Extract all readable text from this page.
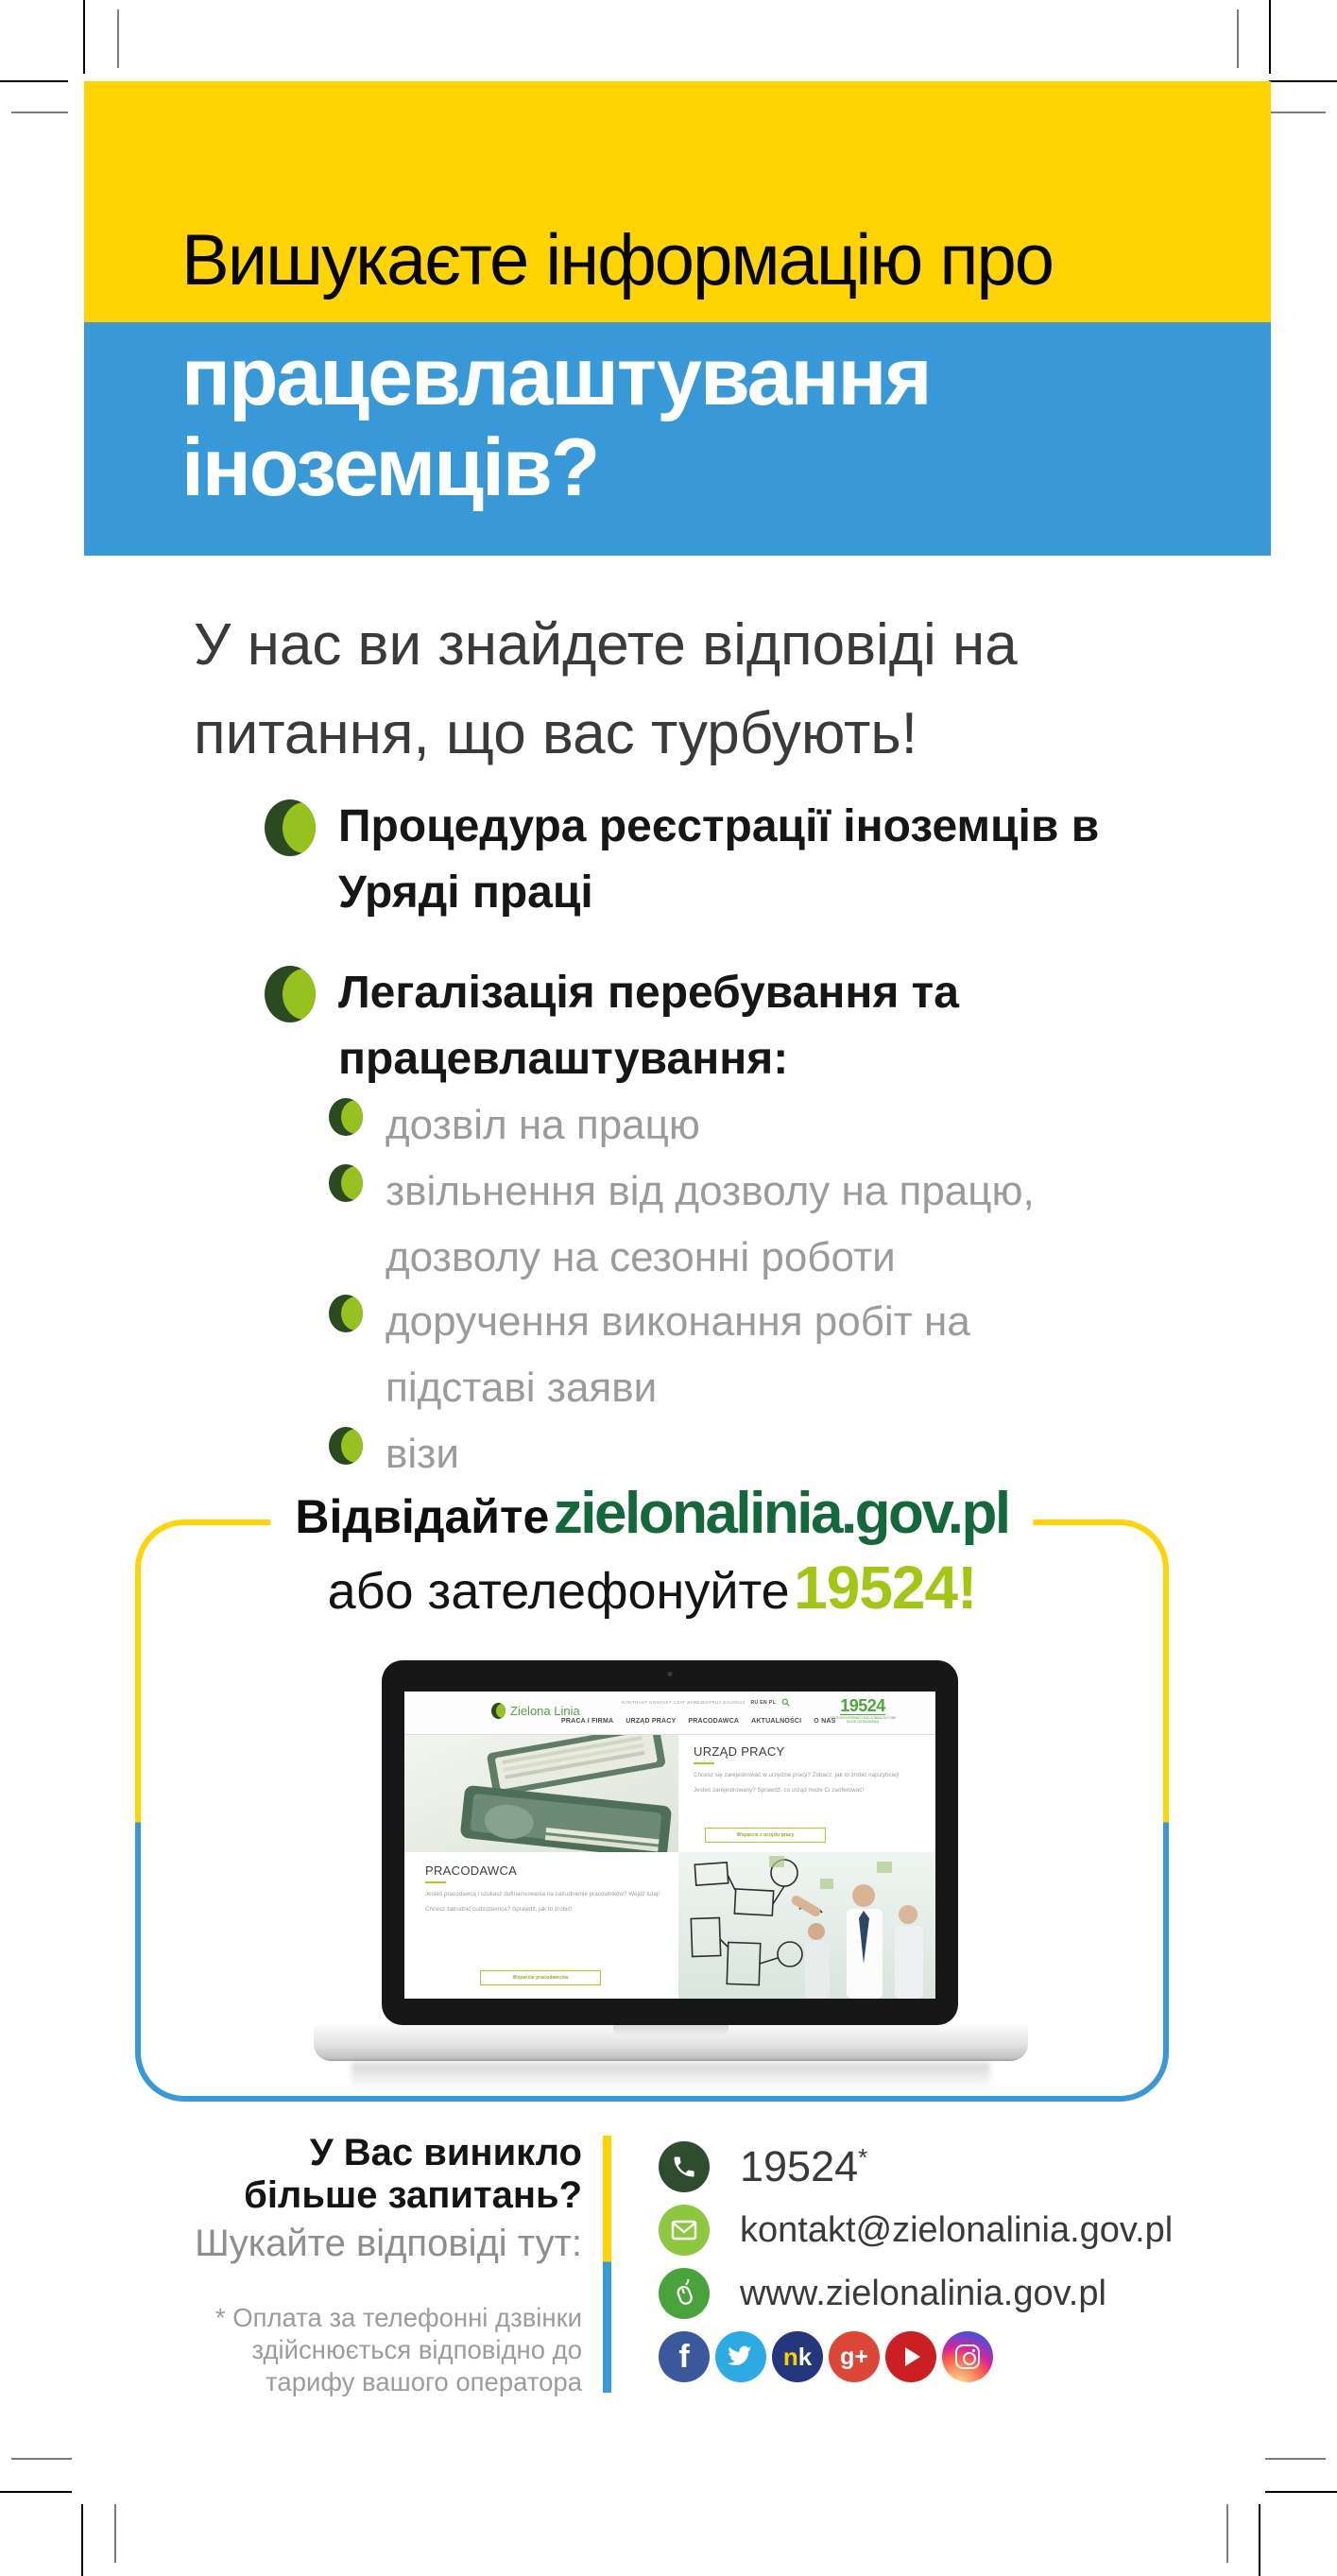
Вишукаєте інформацію про
працевлаштування іноземців?
У нас ви знайдете відповіді на
питання, що вас турбують!
Процедура реєстрації іноземців в
Уряді праці
Легалізація перебування та
працевлаштування:
дозвіл на працю
звільнення від дозволу на працю,
дозволу на сезонні роботи
доручення виконання робіт на
підставі заяви
візи
Відвідайте zielonalinia.gov.pl
або зателефонуйте 19524!
Zielona Linia
KONTRAST KONTAKT CZAT ZAREJESTRUJ ZALOGUJ RU EN PL
PRACA I FIRMA URZĄD PRACY PRACODAWCA AKTUALNOŚCI O NAS
19524
CENTRUM INFORMACYJNO-KONSULTACYJNE
SŁUŻB ZATRUDNIENIA
URZĄD PRACY
Chcesz się zarejestrować w urzędzie pracy? Zobacz, jak to zrobić najszybciej!
Jesteś zarejestrowany? Sprawdź, co urząd może Ci zaoferować!
Wsparcie z urzędu pracy
PRACODAWCA
Jesteś pracodawcą i szukasz dofinansowania na zatrudnienie pracowników? Wejdź tutaj!
Chcesz zatrudnić cudzoziemca? Sprawdź, jak to zrobić!
Wsparcie pracodawców
У Вас виникло
більше запитань?
Шукайте відповіді тут:
* Оплата за телефонні дзвінки
здійснюється відповідно до
тарифу вашого оператора
19524*
kontakt@zielonalinia.gov.pl
www.zielonalinia.gov.pl
f	n k g+
